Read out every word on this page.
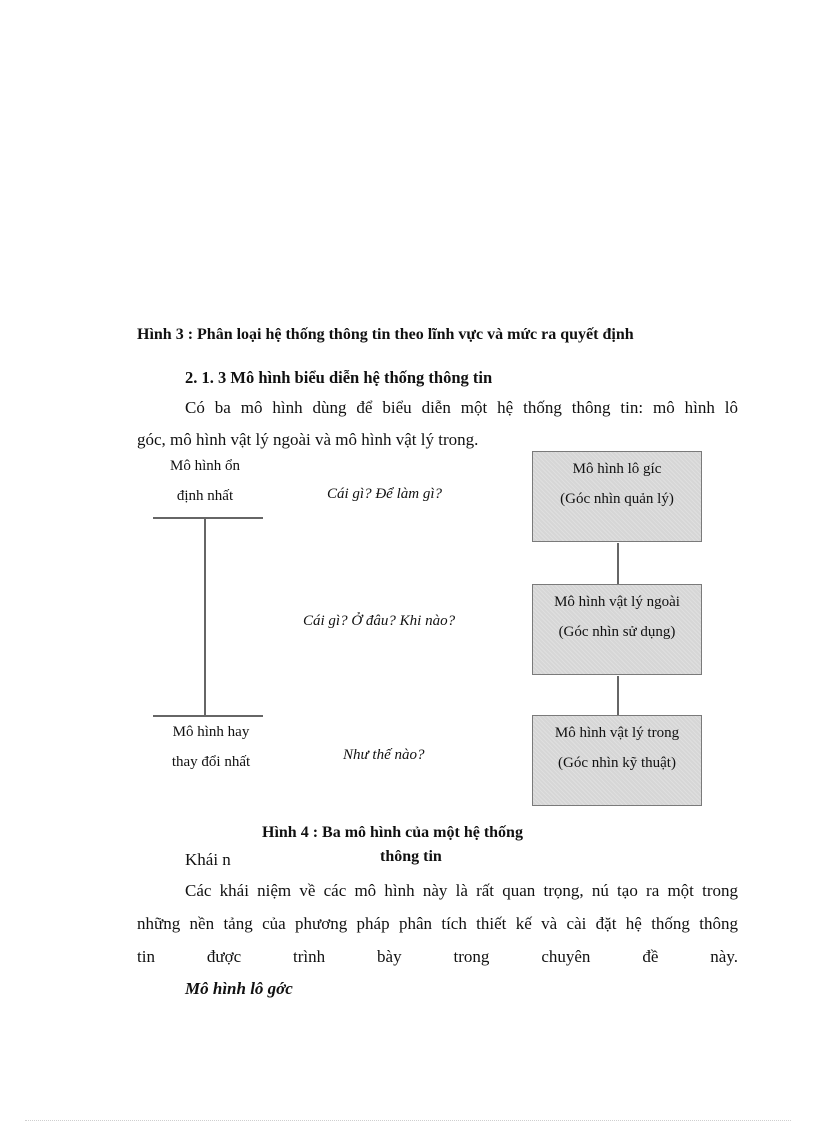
Hình 3 : Phân loại hệ thống thông tin theo lĩnh vực và mức ra quyết định
2. 1. 3 Mô hình biểu diễn hệ thống thông tin
Có ba mô hình dùng để biểu diễn một hệ thống thông tin: mô hình lô
góc, mô hình vật lý ngoài và mô hình vật lý trong.
Mô hình ổn
định nhất
Mô hình hay
thay đổi nhất
Cái gì? Để làm gì?
Cái gì? Ở đâu? Khi nào?
Như thế nào?
Mô hình lô gíc
(Góc nhìn quản lý)
Mô hình vật lý ngoài
(Góc nhìn sử dụng)
Mô hình vật lý trong
(Góc nhìn kỹ thuật)
Hình 4 : Ba mô hình của một hệ thống
thông tin
Khái n
Các khái niệm về các mô hình này là rất quan trọng, nú tạo ra một trong
những nền tảng của phương pháp phân tích thiết kế và cài đặt hệ thống thông
tin được trình bày trong chuyên đề này.
Mô hình lô gớc
